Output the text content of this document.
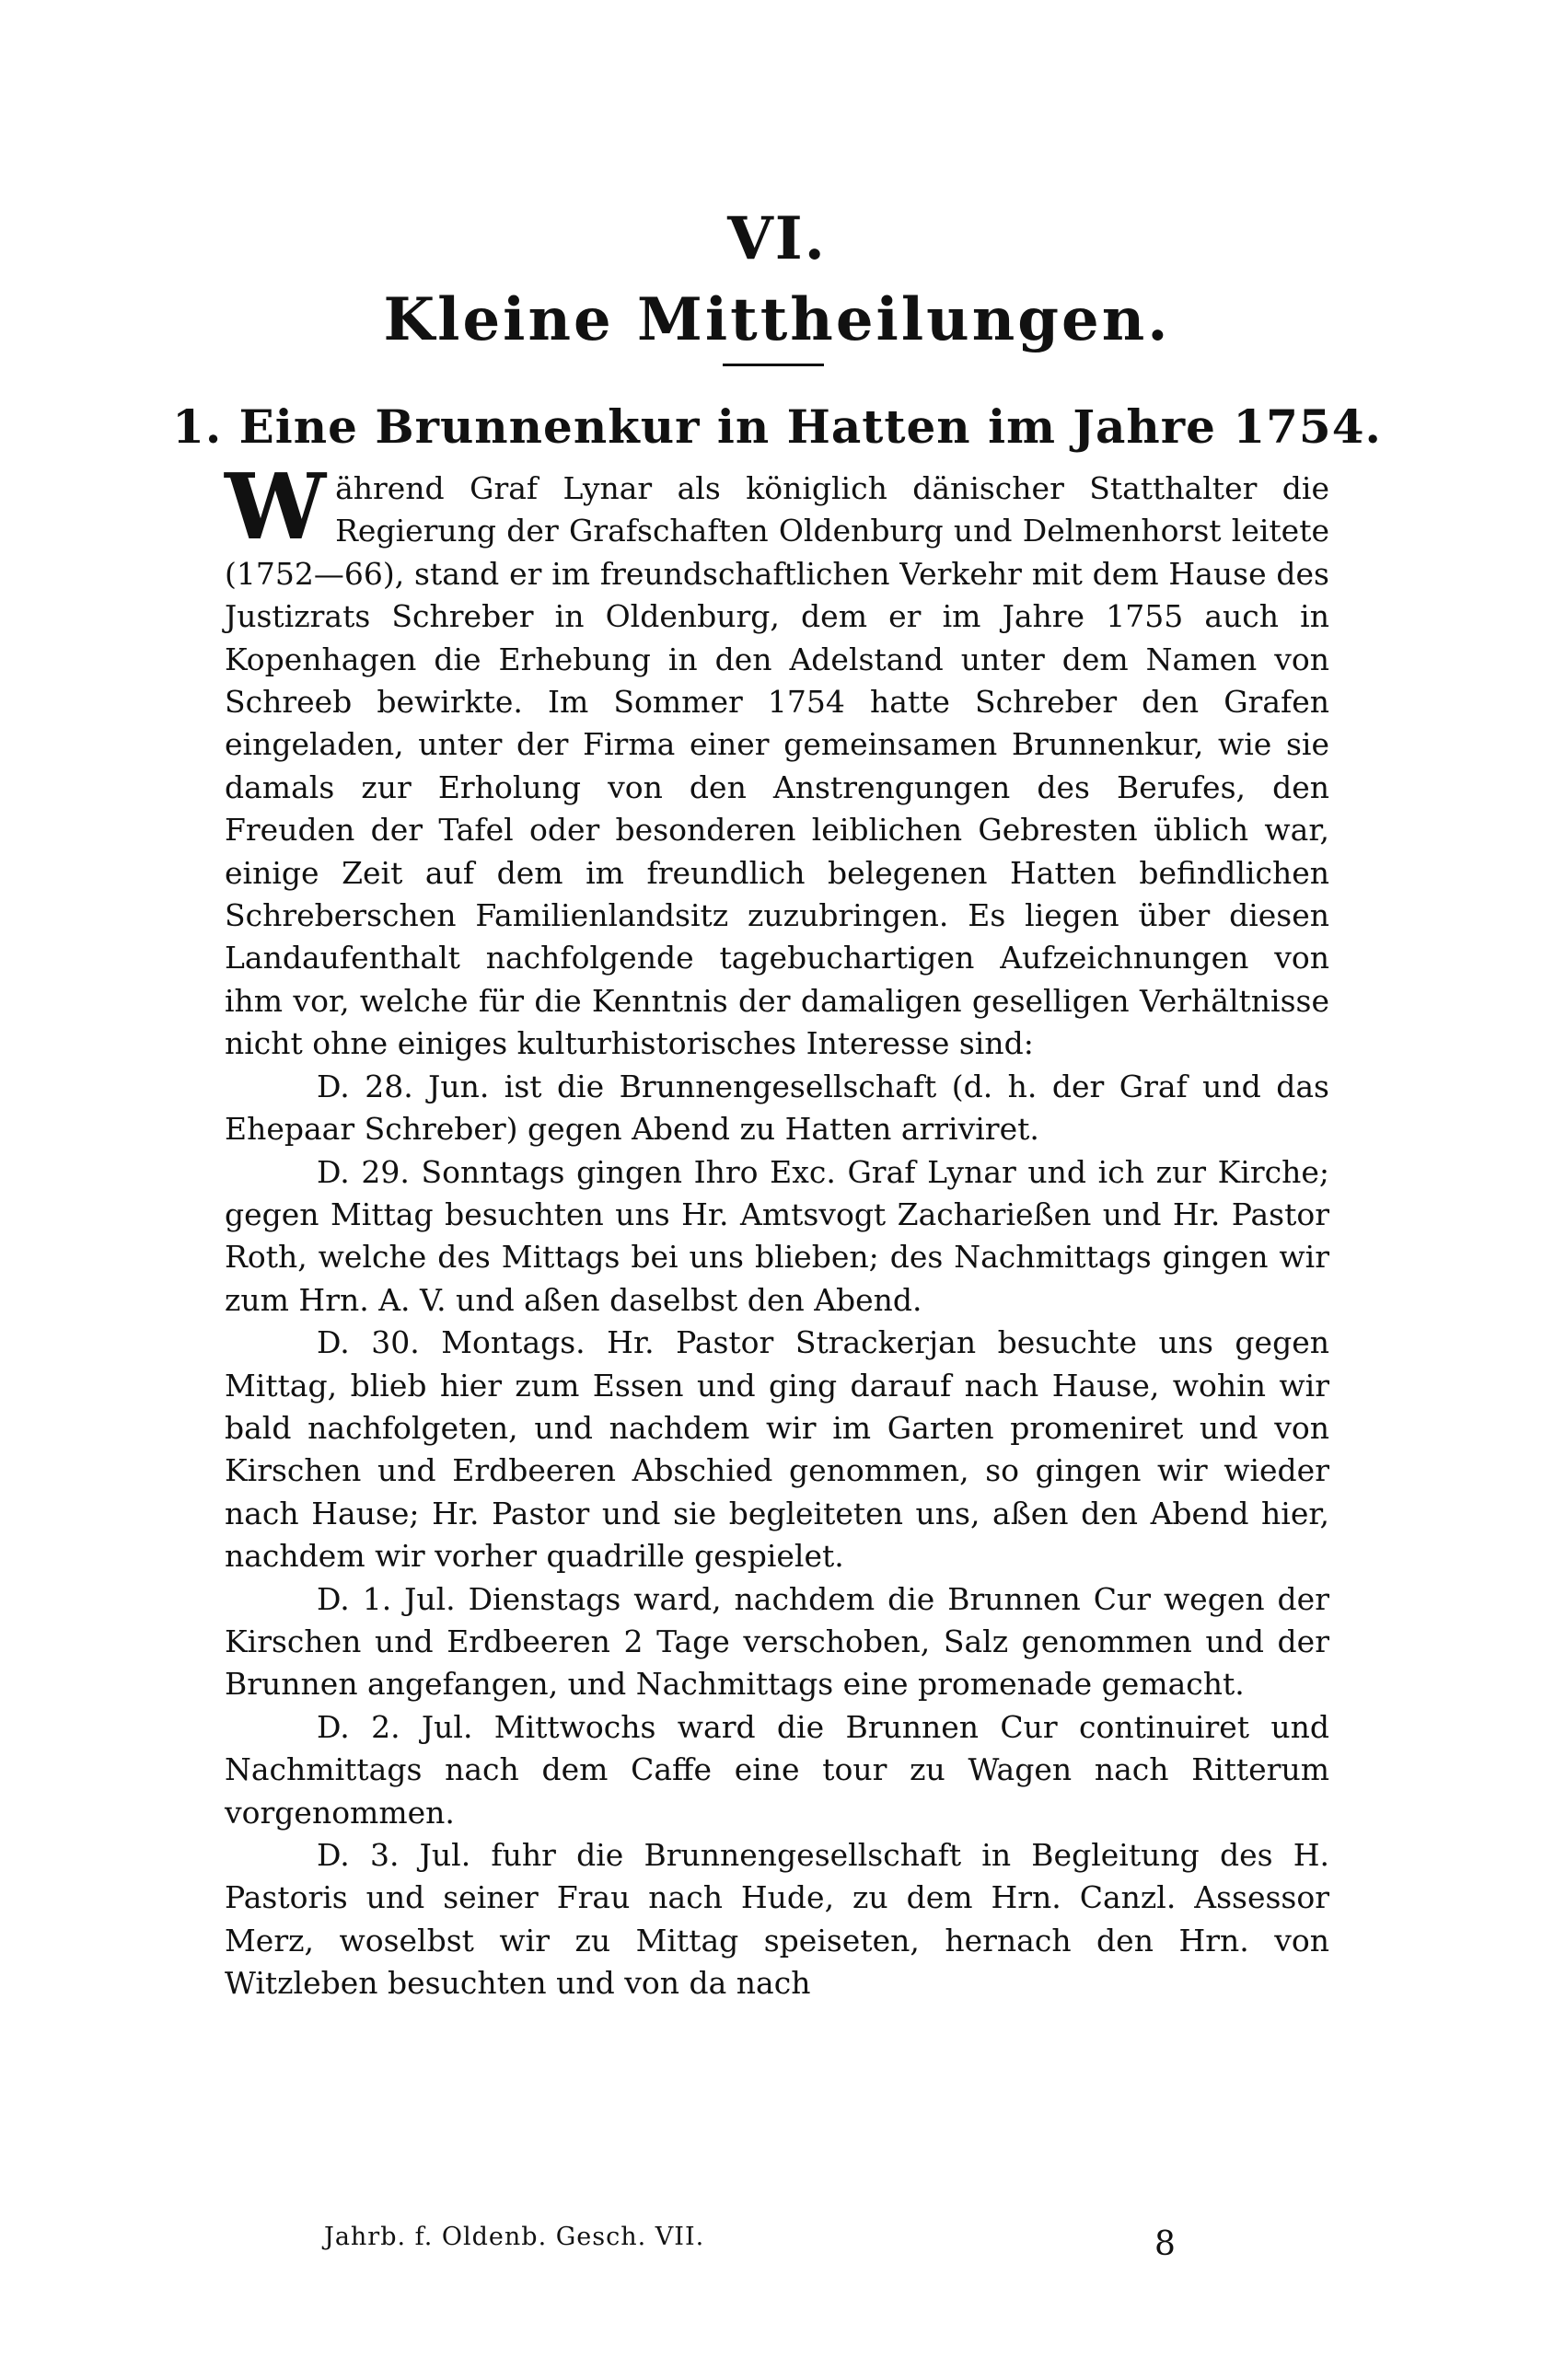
VI.
Kleine Mittheilungen.
1. Eine Brunnenkur in Hatten im Jahre 1754.

Während Graf Lynar als königlich dänischer Statthalter die Regierung der Grafschaften Oldenburg und Delmenhorst leitete (1752—66), stand er im freundschaftlichen Verkehr mit dem Hause des Justizrats Schreber in Oldenburg, dem er im Jahre 1755 auch in Kopenhagen die Erhebung in den Adelstand unter dem Namen von Schreeb bewirkte. Im Sommer 1754 hatte Schreber den Grafen eingeladen, unter der Firma einer gemeinsamen Brunnenkur, wie sie damals zur Erholung von den Anstrengungen des Berufes, den Freuden der Tafel oder besonderen leiblichen Gebresten üblich war, einige Zeit auf dem im freundlich belegenen Hatten befindlichen Schreberschen Familienlandsitz zuzubringen. Es liegen über diesen Landaufenthalt nachfolgende tagebuchartigen Aufzeichnungen von ihm vor, welche für die Kenntnis der damaligen geselligen Verhältnisse nicht ohne einiges kulturhistorisches Interesse sind:

D. 28. Jun. ist die Brunnengesellschaft (d. h. der Graf und das Ehepaar Schreber) gegen Abend zu Hatten arriviret.

D. 29. Sonntags gingen Ihro Exc. Graf Lynar und ich zur Kirche; gegen Mittag besuchten uns Hr. Amtsvogt Zacharießen und Hr. Pastor Roth, welche des Mittags bei uns blieben; des Nachmittags gingen wir zum Hrn. A. V. und aßen daselbst den Abend.

D. 30. Montags. Hr. Pastor Strackerjan besuchte uns gegen Mittag, blieb hier zum Essen und ging darauf nach Hause, wohin wir bald nachfolgeten, und nachdem wir im Garten promeniret und von Kirschen und Erdbeeren Abschied genommen, so gingen wir wieder nach Hause; Hr. Pastor und sie begleiteten uns, aßen den Abend hier, nachdem wir vorher quadrille gespielet.

D. 1. Jul. Dienstags ward, nachdem die Brunnen Cur wegen der Kirschen und Erdbeeren 2 Tage verschoben, Salz genommen und der Brunnen angefangen, und Nachmittags eine promenade gemacht.

D. 2. Jul. Mittwochs ward die Brunnen Cur continuiret und Nachmittags nach dem Caffe eine tour zu Wagen nach Ritterum vorgenommen.

D. 3. Jul. fuhr die Brunnengesellschaft in Begleitung des H. Pastoris und seiner Frau nach Hude, zu dem Hrn. Canzl. Assessor Merz, woselbst wir zu Mittag speiseten, hernach den Hrn. von Witzleben besuchten und von da nach

Jahrb. f. Oldenb. Gesch. VII.	8
